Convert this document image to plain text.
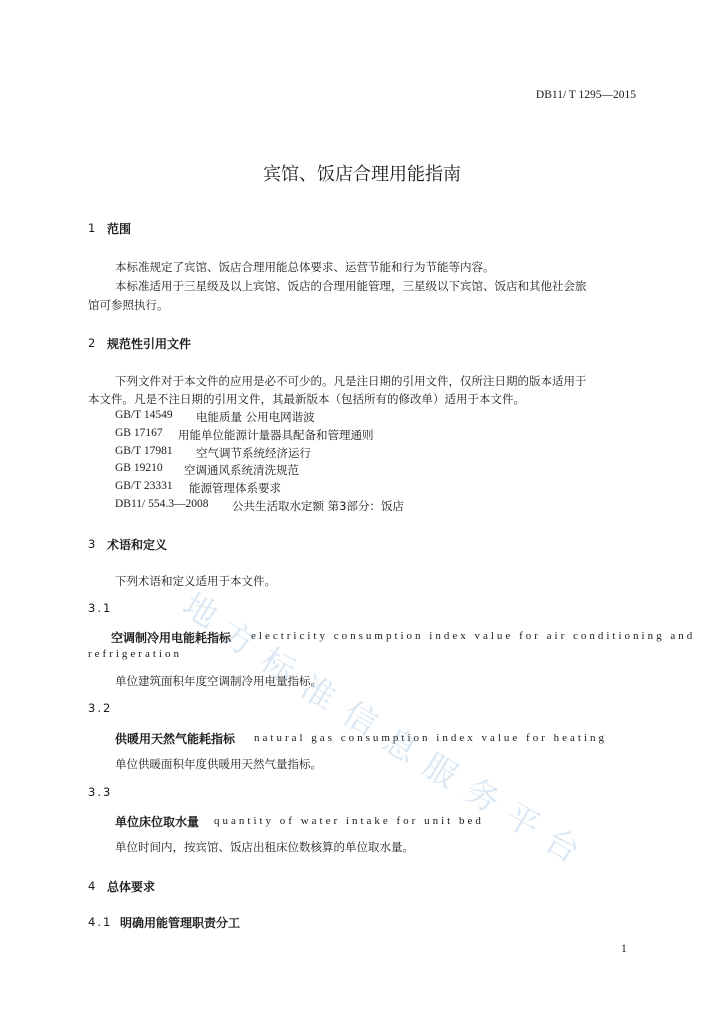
DB11/ T 1295—2015
宾馆、饭店合理用能指南
1 范围
本标准规定了宾馆、饭店合理用能总体要求、运营节能和行为节能等内容。
本标准适用于三星级及以上宾馆、饭店的合理用能管理，三星级以下宾馆、饭店和其他社会旅
馆可参照执行。
2 规范性引用文件
下列文件对于本文件的应用是必不可少的。凡是注日期的引用文件，仅所注日期的版本适用于
本文件。凡是不注日期的引用文件，其最新版本（包括所有的修改单）适用于本文件。
GB/T 14549 电能质量 公用电网谐波
GB 17167 用能单位能源计量器具配备和管理通则
GB/T 17981 空气调节系统经济运行
GB 19210 空调通风系统清洗规范
GB/T 23331 能源管理体系要求
DB11/ 554.3—2008 公共生活取水定额 第3部分：饭店
3 术语和定义
下列术语和定义适用于本文件。
3.1
空调制冷用电能耗指标 electricity consumption index value for air conditioning and
refrigeration
单位建筑面积年度空调制冷用电量指标。
3.2
供暖用天然气能耗指标 natural gas consumption index value for heating
单位供暖面积年度供暖用天然气量指标。
3.3
单位床位取水量 quantity of water intake for unit bed
单位时间内，按宾馆、饭店出租床位数核算的单位取水量。
4 总体要求
4.1 明确用能管理职责分工
1
地
方
标
准
信
息
服
务
平
台
